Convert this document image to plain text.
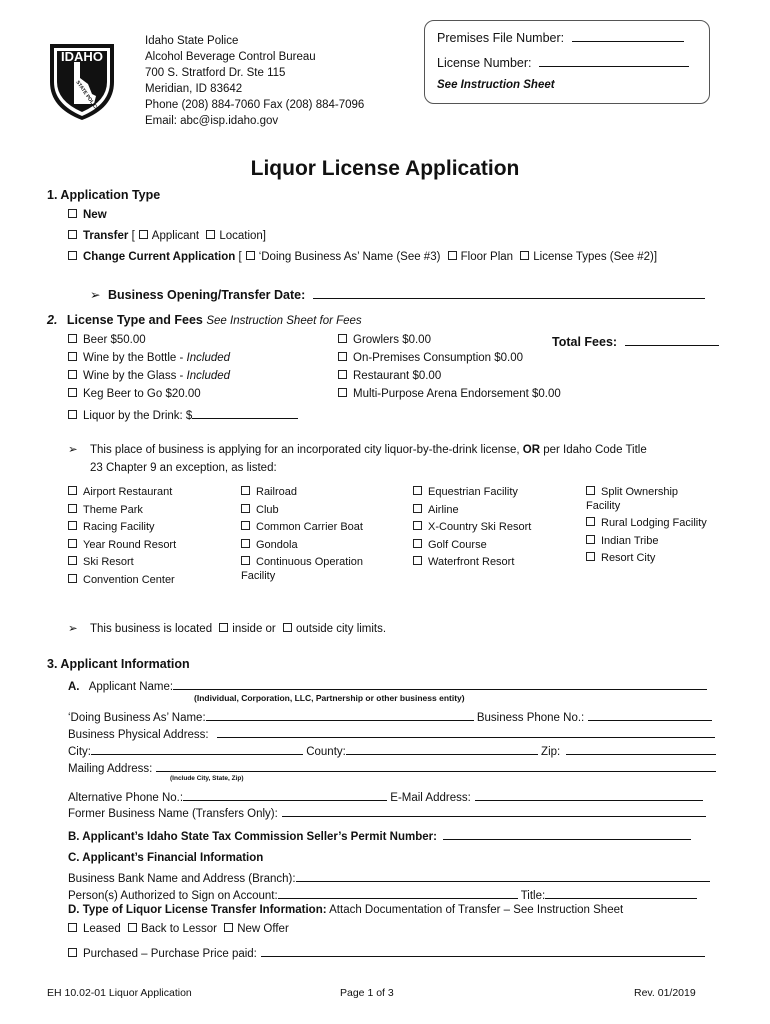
IDAHO
STATE POLICE
Idaho State Police
Alcohol Beverage Control Bureau
700 S. Stratford Dr. Ste 115
Meridian, ID 83642
Phone (208) 884-7060 Fax (208) 884-7096
Email: abc@isp.idaho.gov
Premises File Number:
License Number:
See Instruction Sheet
Liquor License Application
1. Application Type
New
Transfer [ Applicant Location]
Change Current Application [ ‘Doing Business As’ Name (See #3) Floor Plan License Types (See #2)]
➢ Business Opening/Transfer Date:
2. License Type and Fees See Instruction Sheet for Fees
Beer $50.00
Wine by the Bottle - Included
Wine by the Glass - Included
Keg Beer to Go $20.00
Liquor by the Drink: $
Growlers $0.00
On-Premises Consumption $0.00
Restaurant $0.00
Multi-Purpose Arena Endorsement $0.00
Total Fees:
➢ This place of business is applying for an incorporated city liquor-by-the-drink license, OR per Idaho Code Title
23 Chapter 9 an exception, as listed:
Airport Restaurant
Theme Park
Racing Facility
Year Round Resort
Ski Resort
Convention Center
Railroad
Club
Common Carrier Boat
Gondola
Continuous Operation
Facility
Equestrian Facility
Airline
X-Country Ski Resort
Golf Course
Waterfront Resort
Split Ownership
Facility
Rural Lodging Facility
Indian Tribe
Resort City
➢ This business is located inside or outside city limits.
3. Applicant Information
A. Applicant Name:
(Individual, Corporation, LLC, Partnership or other business entity)
‘Doing Business As’ Name:	Business Phone No.:
Business Physical Address:
City:	County:	Zip:
Mailing Address:
(Include City, State, Zip)
Alternative Phone No.:	E-Mail Address:
Former Business Name (Transfers Only):
B. Applicant’s Idaho State Tax Commission Seller’s Permit Number:
C. Applicant’s Financial Information
Business Bank Name and Address (Branch):
Person(s) Authorized to Sign on Account:	Title:
D. Type of Liquor License Transfer Information: Attach Documentation of Transfer – See Instruction Sheet
Leased Back to Lessor New Offer
Purchased – Purchase Price paid:
EH 10.02-01 Liquor Application	Page 1 of 3	Rev. 01/2019
